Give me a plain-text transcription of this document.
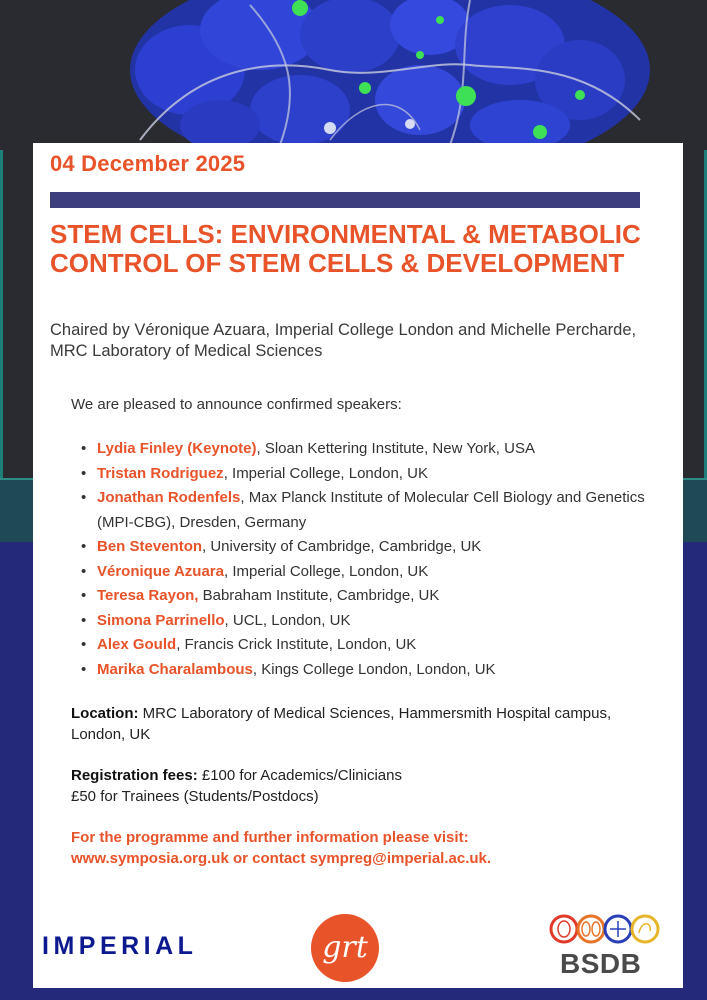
04 December 2025

STEM CELLS: ENVIRONMENTAL & METABOLIC CONTROL OF STEM CELLS & DEVELOPMENT

Chaired by Véronique Azuara, Imperial College London and Michelle Percharde, MRC Laboratory of Medical Sciences

We are pleased to announce confirmed speakers:

• Lydia Finley (Keynote), Sloan Kettering Institute, New York, USA
• Tristan Rodriguez, Imperial College, London, UK
• Jonathan Rodenfels, Max Planck Institute of Molecular Cell Biology and Genetics (MPI-CBG), Dresden, Germany
• Ben Steventon, University of Cambridge, Cambridge, UK
• Véronique Azuara, Imperial College, London, UK
• Teresa Rayon, Babraham Institute, Cambridge, UK
• Simona Parrinello, UCL, London, UK
• Alex Gould, Francis Crick Institute, London, UK
• Marika Charalambous, Kings College London, London, UK

Location: MRC Laboratory of Medical Sciences, Hammersmith Hospital campus, London, UK

Registration fees: £100 for Academics/Clinicians
£50 for Trainees (Students/Postdocs)

For the programme and further information please visit:
www.symposia.org.uk or contact sympreg@imperial.ac.uk.

IMPERIAL	grt	BSDB
